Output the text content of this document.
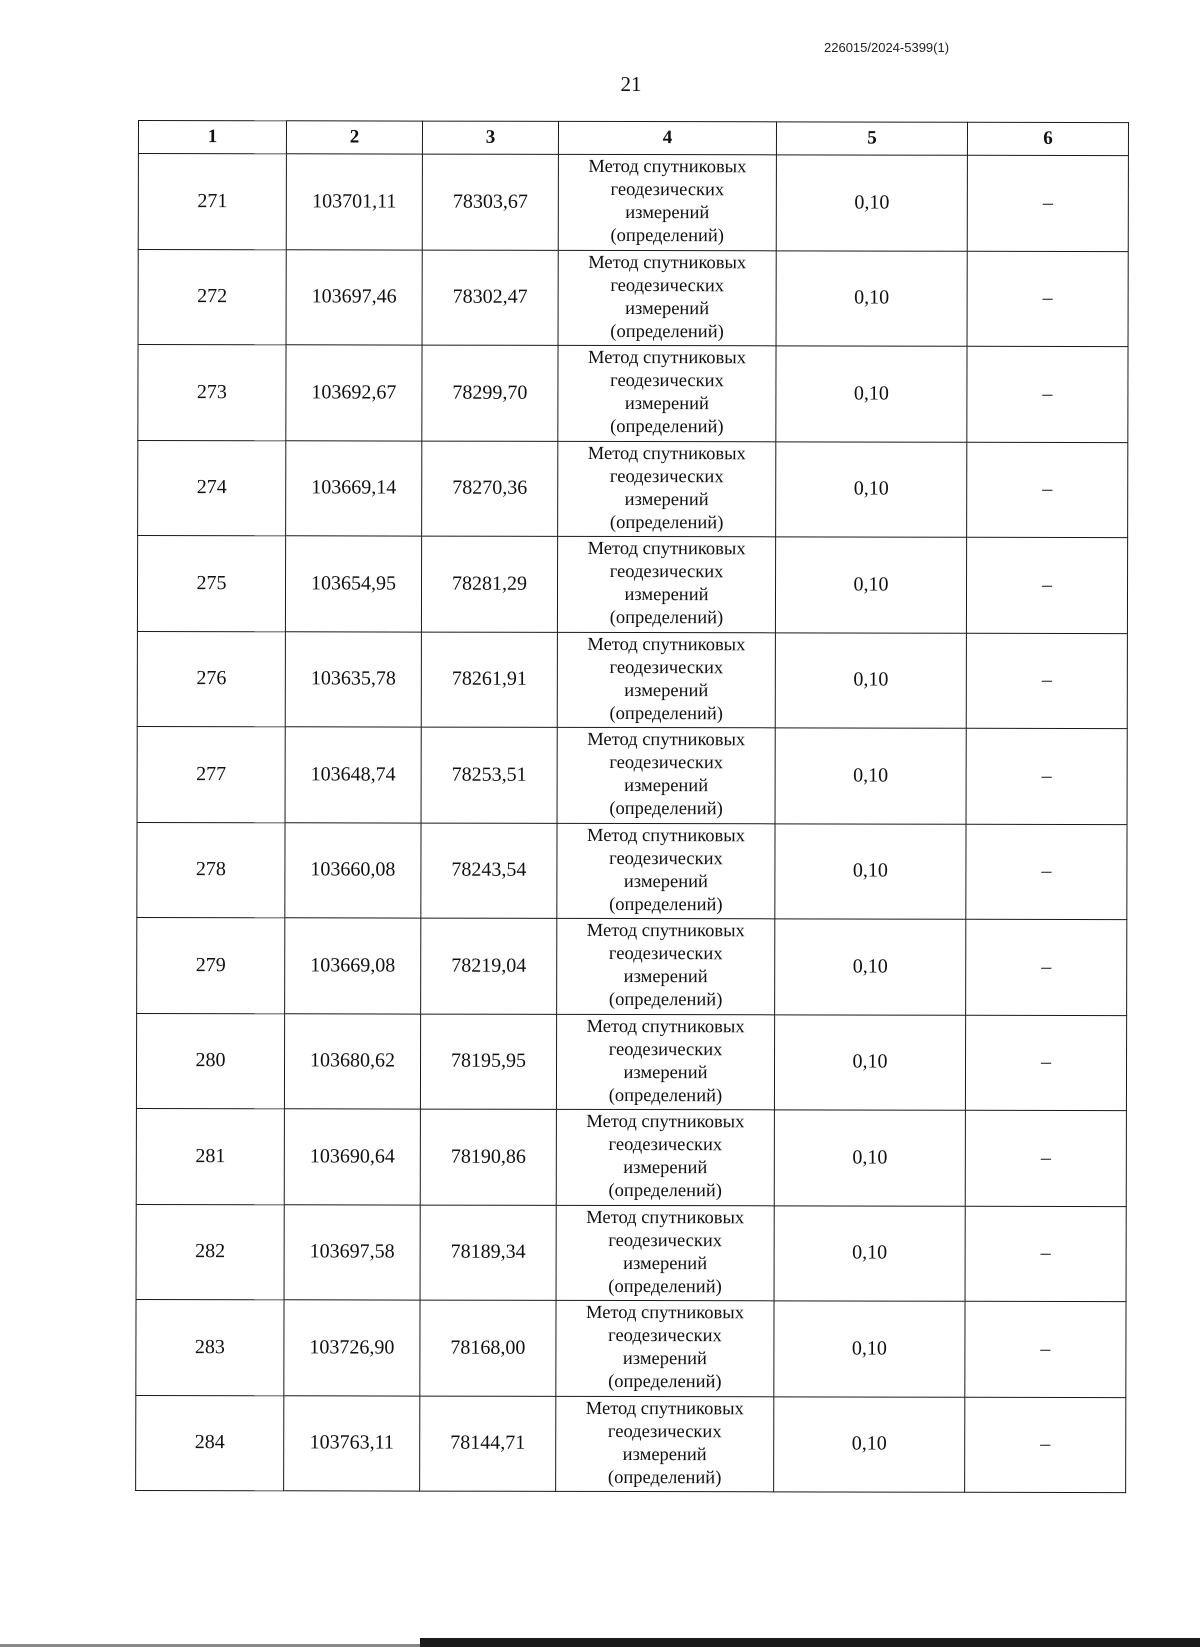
226015/2024-5399(1)
21
1	2	3	4	5	6
271	103701,11	78303,67	Метод спутниковых
геодезических
измерений
(определений)	0,10	–
272	103697,46	78302,47	Метод спутниковых
геодезических
измерений
(определений)	0,10	–
273	103692,67	78299,70	Метод спутниковых
геодезических
измерений
(определений)	0,10	–
274	103669,14	78270,36	Метод спутниковых
геодезических
измерений
(определений)	0,10	–
275	103654,95	78281,29	Метод спутниковых
геодезических
измерений
(определений)	0,10	–
276	103635,78	78261,91	Метод спутниковых
геодезических
измерений
(определений)	0,10	–
277	103648,74	78253,51	Метод спутниковых
геодезических
измерений
(определений)	0,10	–
278	103660,08	78243,54	Метод спутниковых
геодезических
измерений
(определений)	0,10	–
279	103669,08	78219,04	Метод спутниковых
геодезических
измерений
(определений)	0,10	–
280	103680,62	78195,95	Метод спутниковых
геодезических
измерений
(определений)	0,10	–
281	103690,64	78190,86	Метод спутниковых
геодезических
измерений
(определений)	0,10	–
282	103697,58	78189,34	Метод спутниковых
геодезических
измерений
(определений)	0,10	–
283	103726,90	78168,00	Метод спутниковых
геодезических
измерений
(определений)	0,10	–
284	103763,11	78144,71	Метод спутниковых
геодезических
измерений
(определений)	0,10	–
